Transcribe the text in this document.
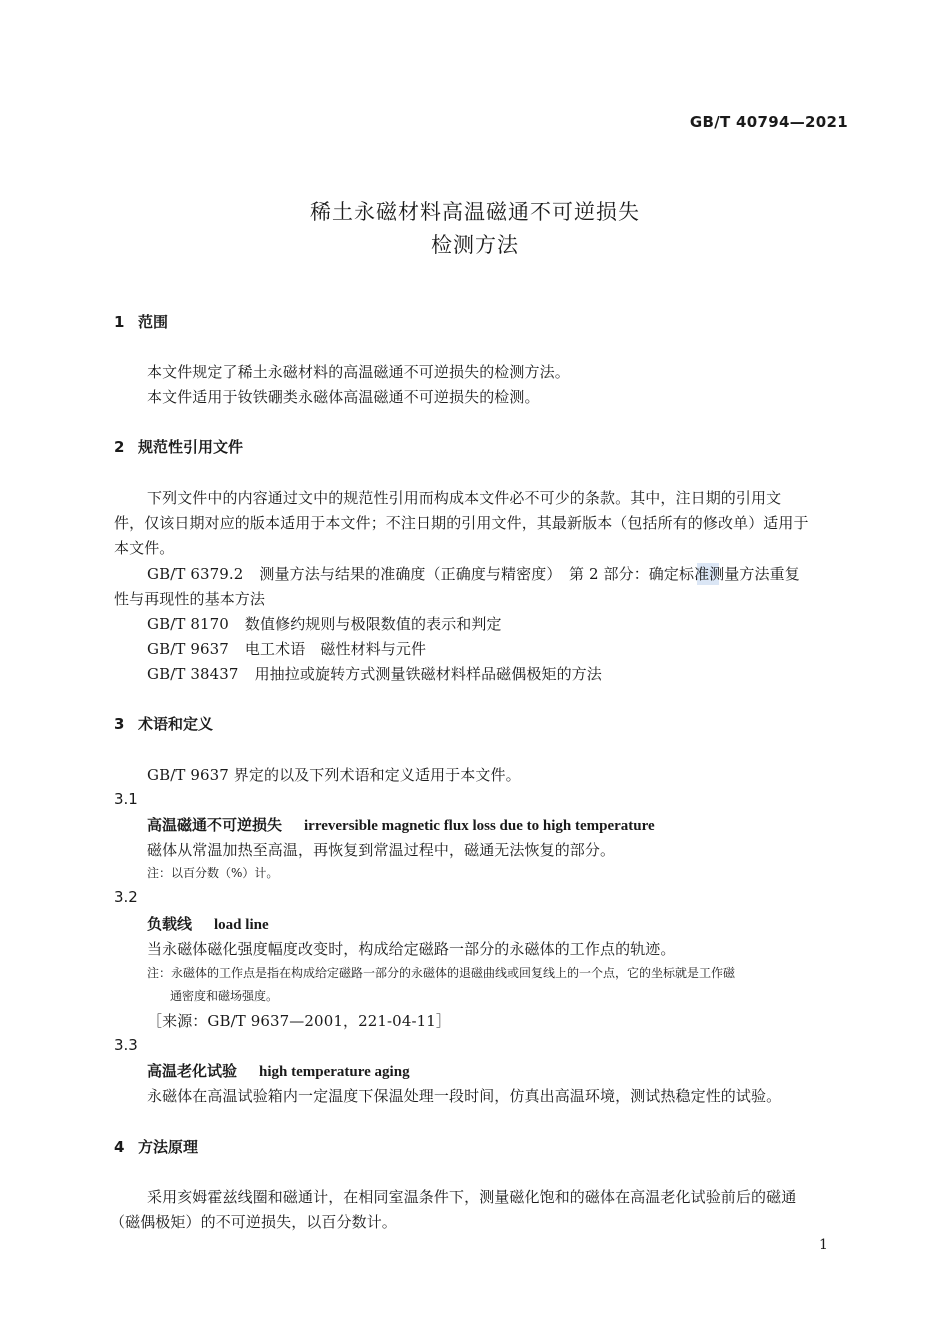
GB/T 40794—2021
稀土永磁材料高温磁通不可逆损失
检测方法
1 范围
本文件规定了稀土永磁材料的高温磁通不可逆损失的检测方法。
本文件适用于钕铁硼类永磁体高温磁通不可逆损失的检测。
2 规范性引用文件
下列文件中的内容通过文中的规范性引用而构成本文件必不可少的条款。其中，注日期的引用文
件，仅该日期对应的版本适用于本文件；不注日期的引用文件，其最新版本（包括所有的修改单）适用于
本文件。
GB/T 6379.2 测量方法与结果的准确度（正确度与精密度）　第 2 部分：确定标准测量方法重复
性与再现性的基本方法
GB/T 8170 数值修约规则与极限数值的表示和判定
GB/T 9637 电工术语　磁性材料与元件
GB/T 38437 用抽拉或旋转方式测量铁磁材料样品磁偶极矩的方法
3 术语和定义
GB/T 9637 界定的以及下列术语和定义适用于本文件。
3.1
高温磁通不可逆损失 irreversible magnetic flux loss due to high temperature
磁体从常温加热至高温，再恢复到常温过程中，磁通无法恢复的部分。
注：以百分数（%）计。
3.2
负载线 load line
当永磁体磁化强度幅度改变时，构成给定磁路一部分的永磁体的工作点的轨迹。
注：永磁体的工作点是指在构成给定磁路一部分的永磁体的退磁曲线或回复线上的一个点，它的坐标就是工作磁
通密度和磁场强度。
［来源：GB/T 9637—2001，221-04-11］
3.3
高温老化试验 high temperature aging
永磁体在高温试验箱内一定温度下保温处理一段时间，仿真出高温环境，测试热稳定性的试验。
4 方法原理
采用亥姆霍兹线圈和磁通计，在相同室温条件下，测量磁化饱和的磁体在高温老化试验前后的磁通
（磁偶极矩）的不可逆损失，以百分数计。
1
